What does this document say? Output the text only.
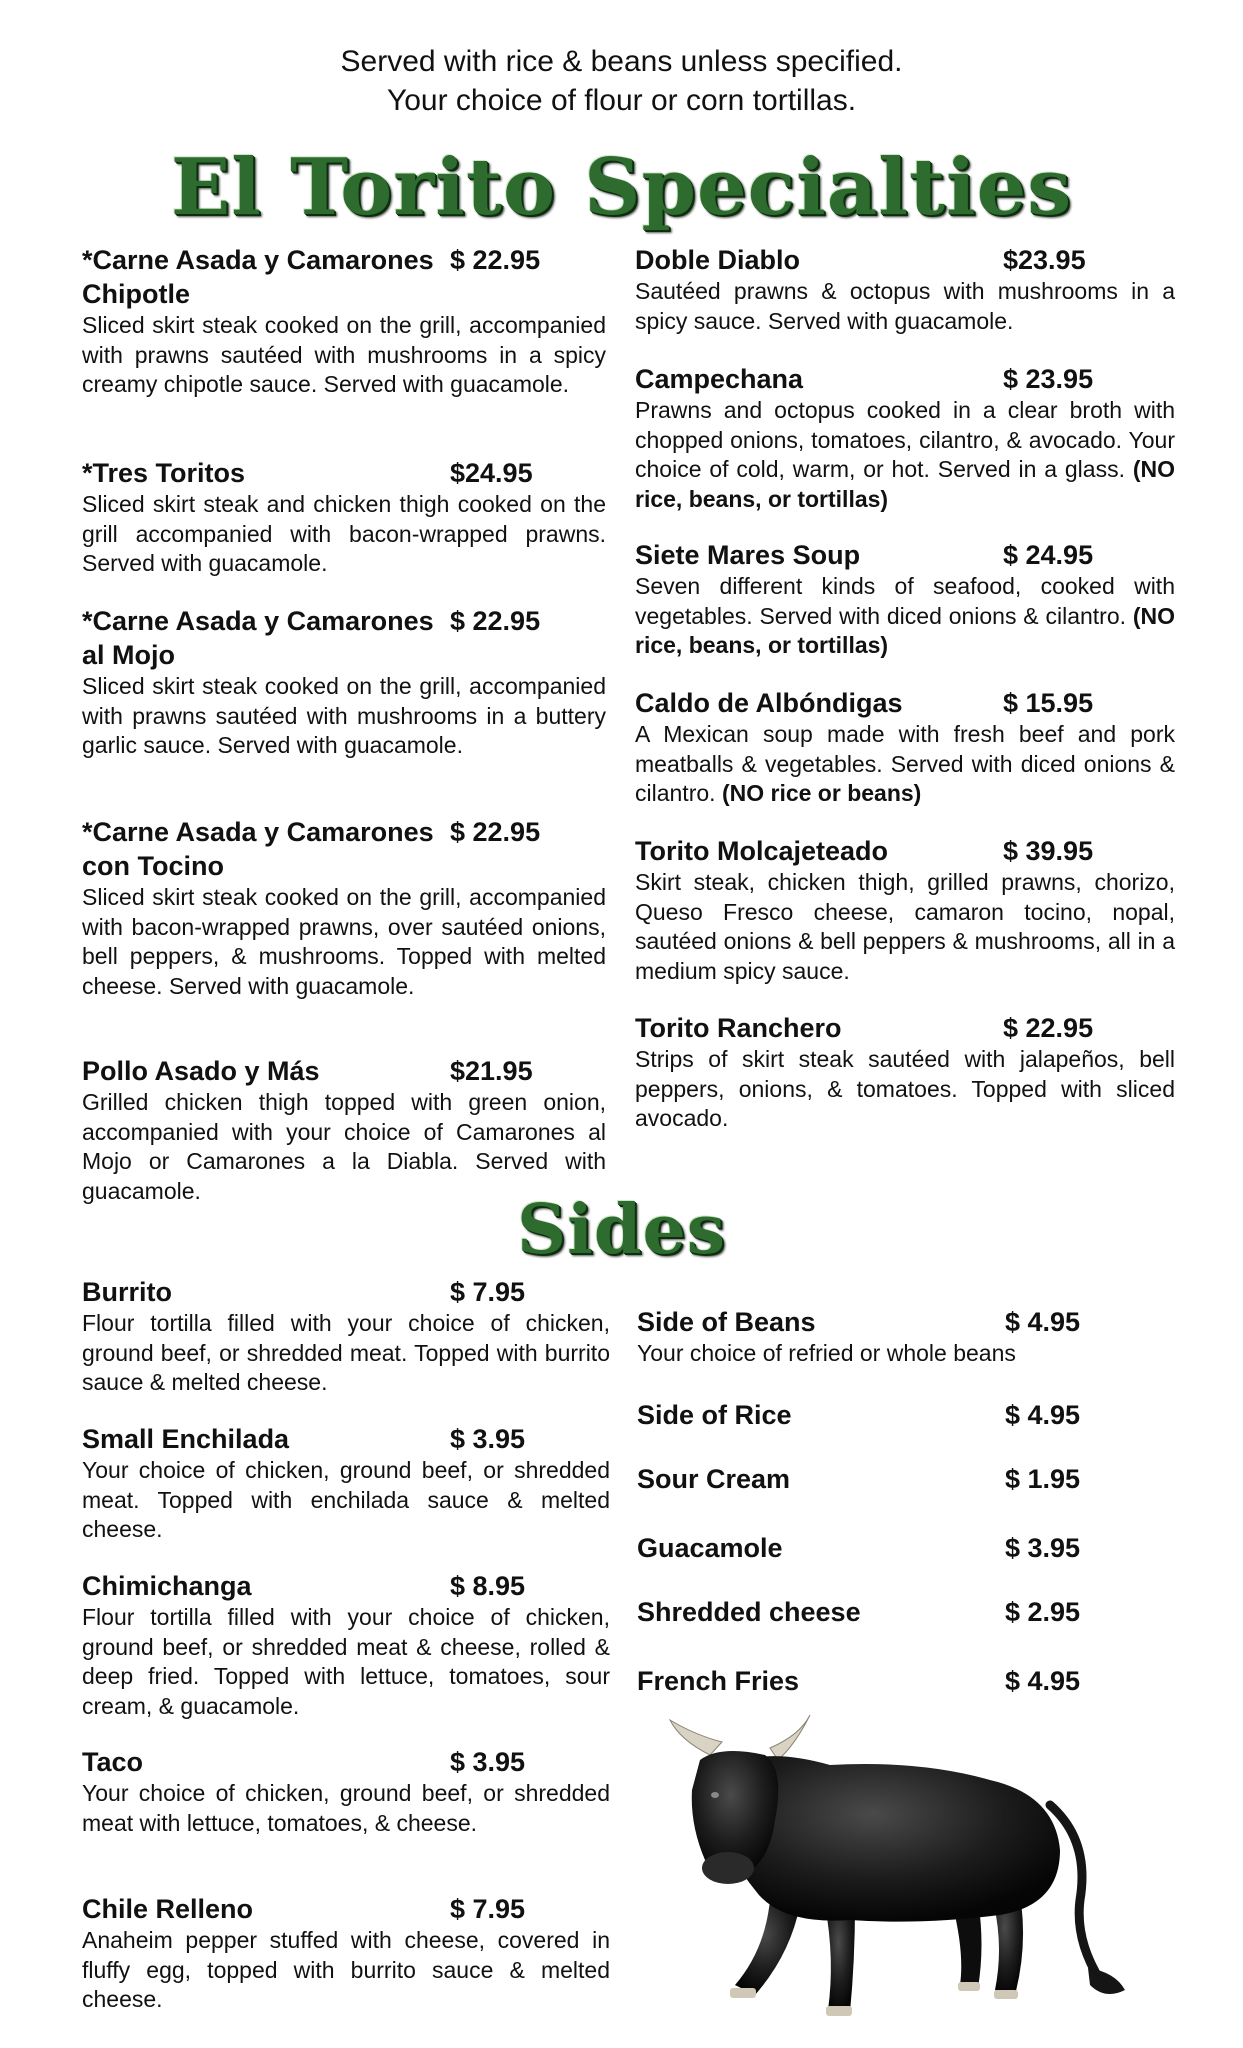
Served with rice & beans unless specified.
Your choice of flour or corn tortillas.
El Torito Specialties
*Carne Asada y Camarones Chipotle
$ 22.95

Sliced skirt steak cooked on the grill, accompanied with prawns sautéed with mushrooms in a spicy creamy chipotle sauce. Served with guacamole.

*Tres Toritos	$24.95

Sliced skirt steak and chicken thigh cooked on the grill accompanied with bacon-wrapped prawns. Served with guacamole.

*Carne Asada y Camarones al Mojo
$ 22.95

Sliced skirt steak cooked on the grill, accompanied with prawns sautéed with mushrooms in a buttery garlic sauce. Served with guacamole.

*Carne Asada y Camarones con Tocino
$ 22.95

Sliced skirt steak cooked on the grill, accompanied with bacon-wrapped prawns, over sautéed onions, bell peppers, & mushrooms. Topped with melted cheese. Served with guacamole.

Pollo Asado y Más	$21.95

Grilled chicken thigh topped with green onion, accompanied with your choice of Camarones al Mojo or Camarones a la Diabla. Served with guacamole.

Doble Diablo	$23.95

Sautéed prawns & octopus with mushrooms in a spicy sauce. Served with guacamole.

Campechana	$ 23.95

Prawns and octopus cooked in a clear broth with chopped onions, tomatoes, cilantro, & avocado. Your choice of cold, warm, or hot. Served in a glass. (NO rice, beans, or tortillas)

Siete Mares Soup	$ 24.95

Seven different kinds of seafood, cooked with vegetables. Served with diced onions & cilantro. (NO rice, beans, or tortillas)

Caldo de Albóndigas	$ 15.95

A Mexican soup made with fresh beef and pork meatballs & vegetables. Served with diced onions & cilantro. (NO rice or beans)

Torito Molcajeteado	$ 39.95

Skirt steak, chicken thigh, grilled prawns, chorizo, Queso Fresco cheese, camaron tocino, nopal, sautéed onions & bell peppers & mushrooms, all in a medium spicy sauce.

Torito Ranchero	$ 22.95

Strips of skirt steak sautéed with jalapeños, bell peppers, onions, & tomatoes. Topped with sliced avocado.

Sides
Burrito	$ 7.95

Flour tortilla filled with your choice of chicken, ground beef, or shredded meat. Topped with burrito sauce & melted cheese.

Small Enchilada	$ 3.95

Your choice of chicken, ground beef, or shredded meat. Topped with enchilada sauce & melted cheese.

Chimichanga	$ 8.95

Flour tortilla filled with your choice of chicken, ground beef, or shredded meat & cheese, rolled & deep fried. Topped with lettuce, tomatoes, sour cream, & guacamole.

Taco	$ 3.95

Your choice of chicken, ground beef, or shredded meat with lettuce, tomatoes, & cheese.

Chile Relleno	$ 7.95

Anaheim pepper stuffed with cheese, covered in fluffy egg, topped with burrito sauce & melted cheese.

Side of Beans	$ 4.95

Your choice of refried or whole beans

Side of Rice	$ 4.95
Sour Cream	$ 1.95
Guacamole	$ 3.95
Shredded cheese	$ 2.95
French Fries	$ 4.95
